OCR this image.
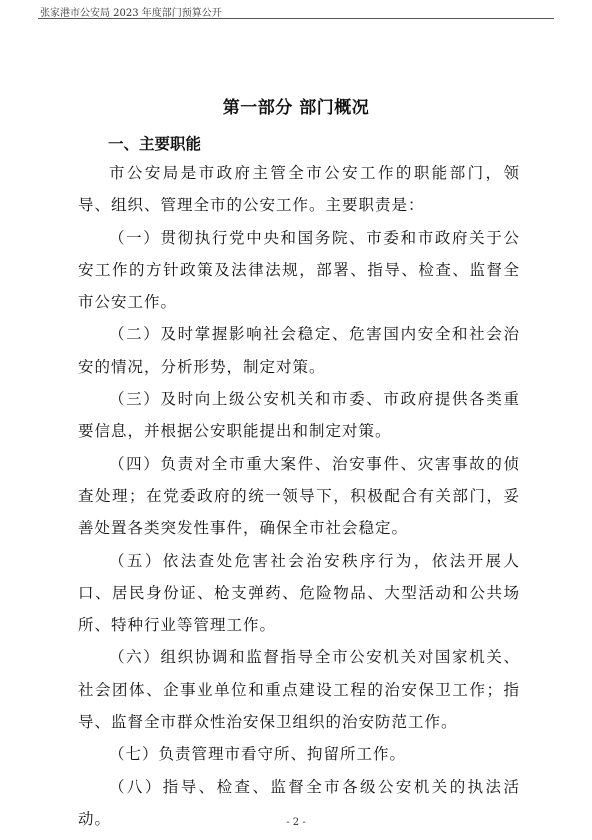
张家港市公安局 2023 年度部门预算公开
第一部分 部门概况
一、主要职能

市公安局是市政府主管全市公安工作的职能部门，领导、组织、管理全市的公安工作。主要职责是：

（一）贯彻执行党中央和国务院、市委和市政府关于公安工作的方针政策及法律法规，部署、指导、检查、监督全市公安工作。

（二）及时掌握影响社会稳定、危害国内安全和社会治安的情况，分析形势，制定对策。

（三）及时向上级公安机关和市委、市政府提供各类重要信息，并根据公安职能提出和制定对策。

（四）负责对全市重大案件、治安事件、灾害事故的侦查处理；在党委政府的统一领导下，积极配合有关部门，妥善处置各类突发性事件，确保全市社会稳定。

（五）依法查处危害社会治安秩序行为，依法开展人口、居民身份证、枪支弹药、危险物品、大型活动和公共场所、特种行业等管理工作。

（六）组织协调和监督指导全市公安机关对国家机关、社会团体、企事业单位和重点建设工程的治安保卫工作；指导、监督全市群众性治安保卫组织的治安防范工作。

（七）负责管理市看守所、拘留所工作。

（八）指导、检查、监督全市各级公安机关的执法活动。	- 2 -
